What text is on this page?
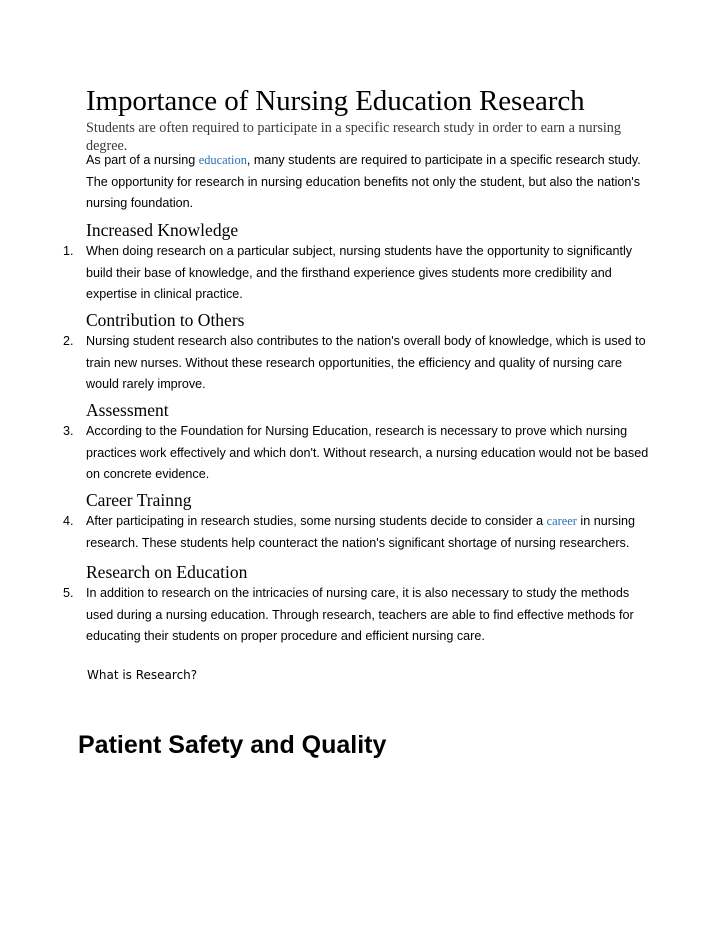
Importance of Nursing Education Research
Students are often required to participate in a specific research study in order to earn a nursing degree.
As part of a nursing education, many students are required to participate in a specific research study. The opportunity for research in nursing education benefits not only the student, but also the nation's nursing foundation.
Increased Knowledge
1. When doing research on a particular subject, nursing students have the opportunity to significantly build their base of knowledge, and the firsthand experience gives students more credibility and expertise in clinical practice.
Contribution to Others
2. Nursing student research also contributes to the nation's overall body of knowledge, which is used to train new nurses. Without these research opportunities, the efficiency and quality of nursing care would rarely improve.
Assessment
3. According to the Foundation for Nursing Education, research is necessary to prove which nursing practices work effectively and which don't. Without research, a nursing education would not be based on concrete evidence.
Career Trainng
4. After participating in research studies, some nursing students decide to consider a career in nursing research. These students help counteract the nation's significant shortage of nursing researchers.
Research on Education
5. In addition to research on the intricacies of nursing care, it is also necessary to study the methods used during a nursing education. Through research, teachers are able to find effective methods for educating their students on proper procedure and efficient nursing care.
What is Research?
Patient Safety and Quality
